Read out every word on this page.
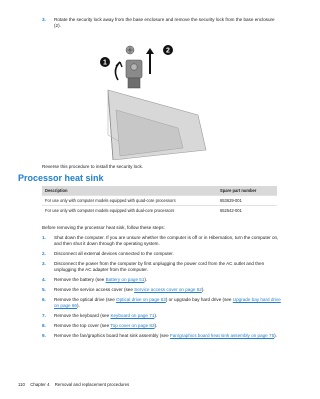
3.	Rotate the security lock away from the base enclosure and remove the security lock from the base enclosure (2).
1
2
Reverse this procedure to install the security lock.
Processor heat sink
Description	Spare part number
For use only with computer models equipped with quad-core processors	653629-001
For use only with computer models equipped with dual-core processors	652542-001
Before removing the processor heat sink, follow these steps:
1. Shut down the computer. If you are unsure whether the computer is off or in Hibernation, turn the computer on, and then shut it down through the operating system.
2. Disconnect all external devices connected to the computer.
3. Disconnect the power from the computer by first unplugging the power cord from the AC outlet and then unplugging the AC adapter from the computer.
4. Remove the battery (see Battery on page 51).
5. Remove the service access cover (see Service access cover on page 52).
6. Remove the optical drive (see Optical drive on page 63) or upgrade bay hard drive (see Upgrade bay hard drive on page 66).
7. Remove the keyboard (see Keyboard on page 71).
8. Remove the top cover (see Top cover on page 83).
9. Remove the fan/graphics board heat sink assembly (see Fan/graphics board heat sink assembly on page 75).
110 Chapter 4 Removal and replacement procedures
